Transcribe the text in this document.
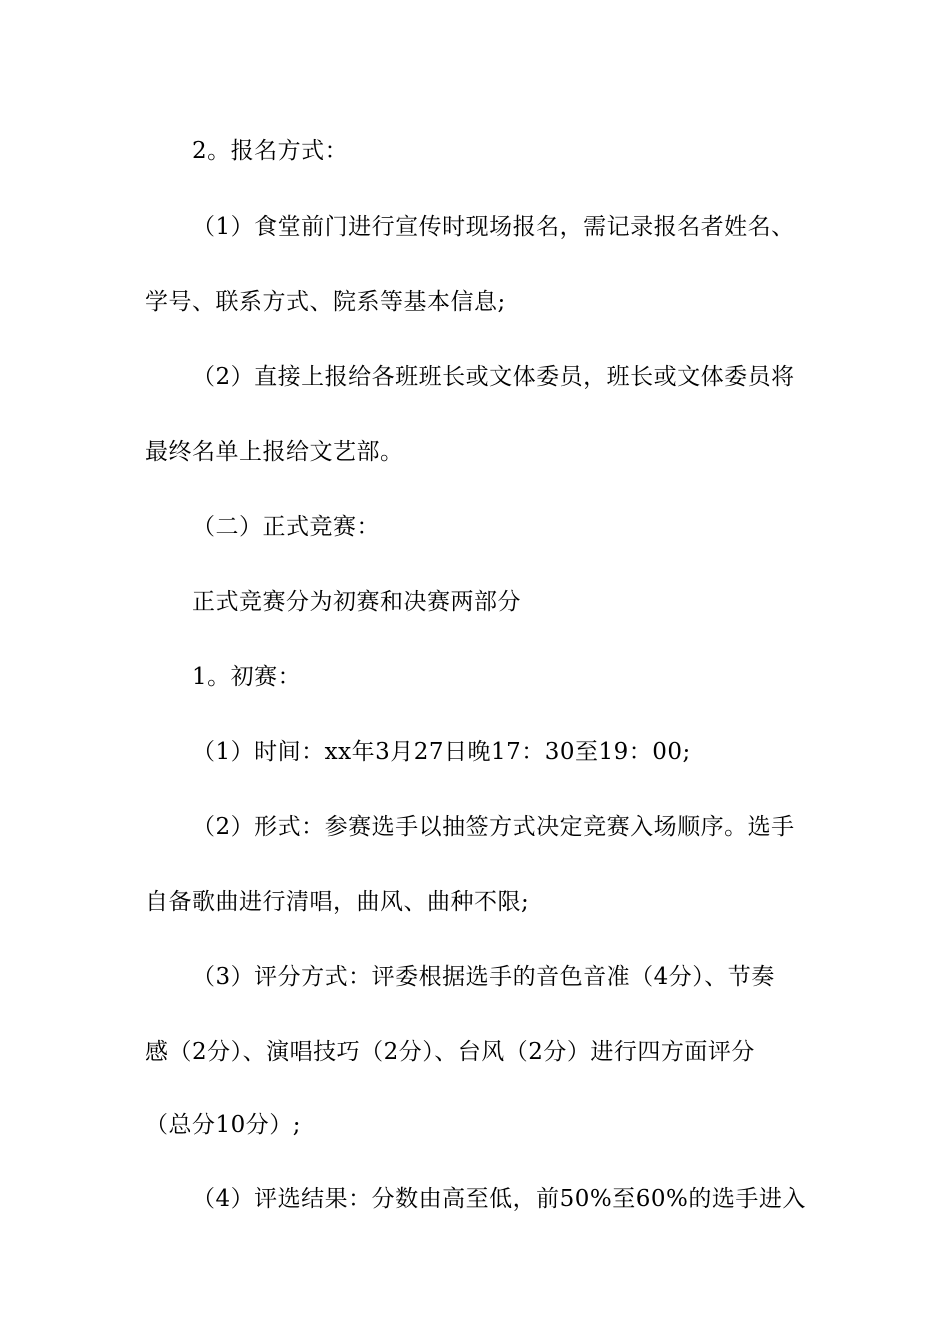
2。报名方式：
（1）食堂前门进行宣传时现场报名，需记录报名者姓名、
学号、联系方式、院系等基本信息;
（2）直接上报给各班班长或文体委员，班长或文体委员将
最终名单上报给文艺部。
（二）正式竞赛：
正式竞赛分为初赛和决赛两部分
1。初赛：
（1）时间：xx年3月27日晚17：30至19：00;
（2）形式：参赛选手以抽签方式决定竞赛入场顺序。选手
自备歌曲进行清唱，曲风、曲种不限;
（3）评分方式：评委根据选手的音色音准（4分）、节奏
感（2分）、演唱技巧（2分）、台风（2分）进行四方面评分
（总分10分）;
（4）评选结果：分数由高至低，前50%至60%的选手进入
